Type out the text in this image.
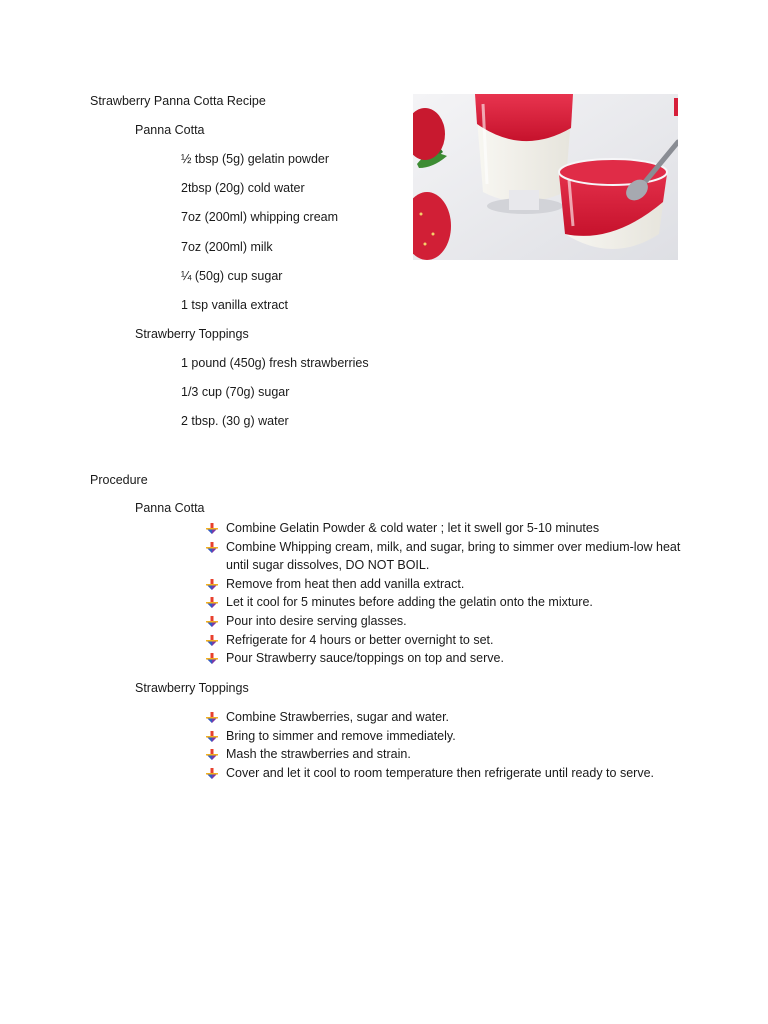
Strawberry Panna Cotta Recipe
Panna Cotta
½ tbsp (5g) gelatin powder
2tbsp (20g) cold water
7oz (200ml) whipping cream
7oz (200ml) milk
¼ (50g) cup sugar
1 tsp vanilla extract
Strawberry Toppings
1 pound (450g) fresh strawberries
1/3 cup (70g) sugar
2 tbsp. (30 g) water
Procedure
Panna Cotta
Combine Gelatin Powder & cold water ; let it swell gor 5-10 minutes
Combine Whipping cream, milk, and sugar, bring to simmer over medium-low heat until sugar dissolves, DO NOT BOIL.
Remove from heat then add vanilla extract.
Let it cool for 5 minutes before adding the gelatin onto the mixture.
Pour into desire serving glasses.
Refrigerate for 4 hours or better overnight to set.
Pour Strawberry sauce/toppings on top and serve.
Strawberry Toppings
Combine Strawberries, sugar and water.
Bring to simmer and remove immediately.
Mash the strawberries and strain.
Cover and let it cool to room temperature then refrigerate until ready to serve.
